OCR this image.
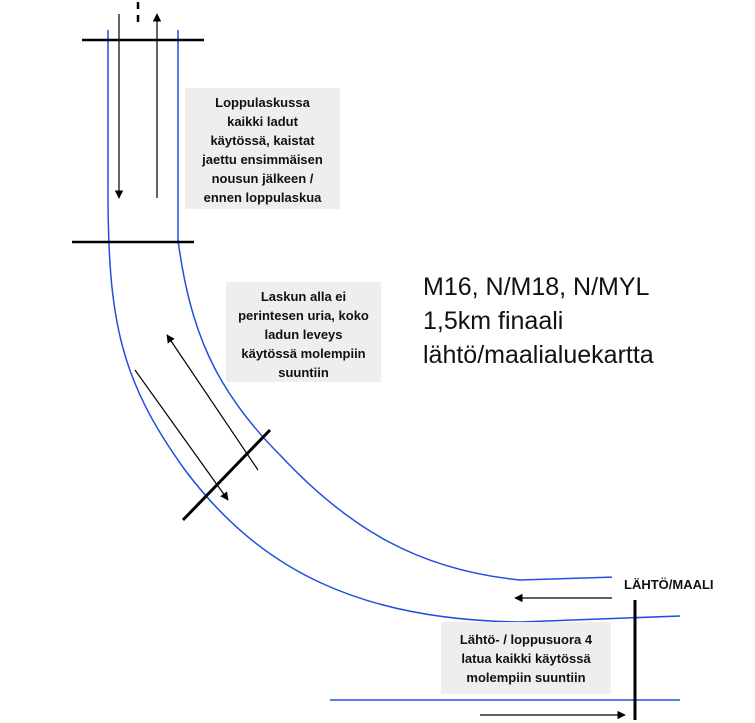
Loppulaskussa
kaikki ladut
käytössä, kaistat
jaettu ensimmäisen
nousun jälkeen /
ennen loppulaskua
Laskun alla ei
perintesen uria, koko
ladun leveys
käytössä molempiin
suuntiin
Lähtö- / loppusuora 4
latua kaikki käytössä
molempiin suuntiin
M16, N/M18, N/MYL
1,5km finaali
lähtö/maalialuekartta
LÄHTÖ/MAALI
